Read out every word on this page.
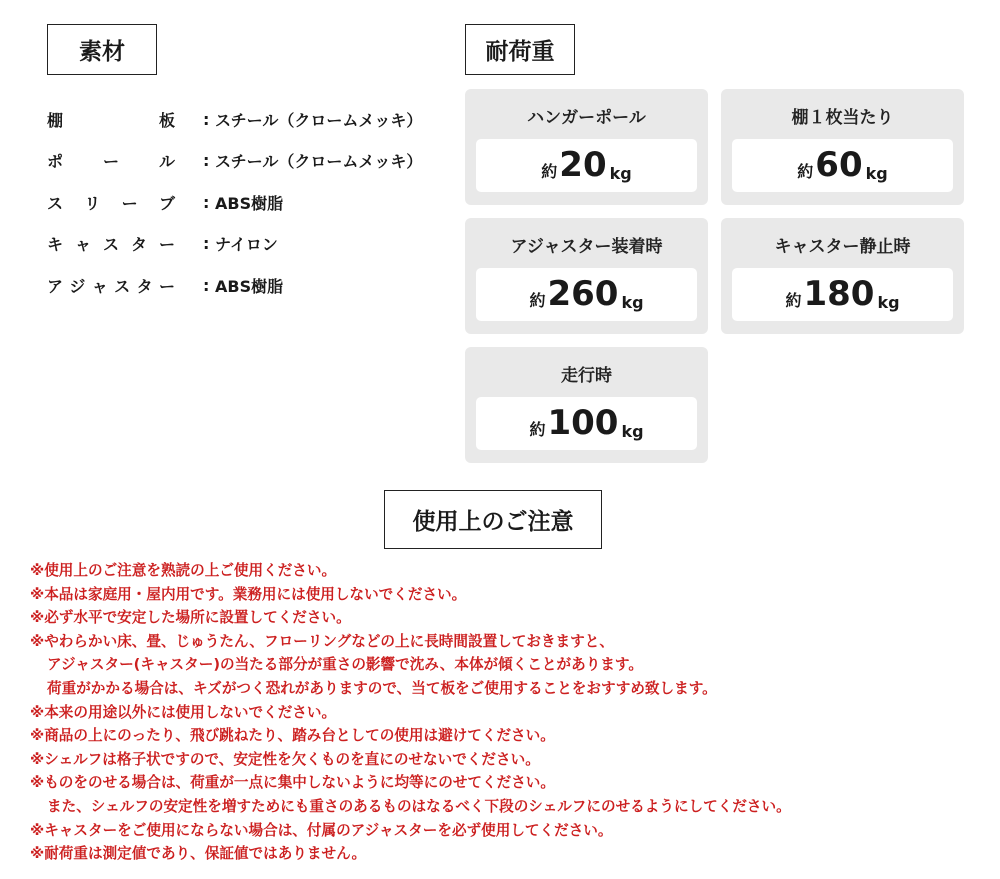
素材
棚	板 : スチール（クロームメッキ）
ポ ー ル : スチール（クロームメッキ）
ス リ ー ブ : ABS樹脂
キ ャ ス タ ー : ナイロン
ア ジ ャ ス タ ー : ABS樹脂
耐荷重
ハンガーポール
約 20 kg
棚１枚当たり
約 60 kg
アジャスター装着時
約 260 kg
キャスター静止時
約 180 kg
走行時
約 100 kg
使用上のご注意
※使用上のご注意を熟読の上ご使用ください。
※本品は家庭用・屋内用です。業務用には使用しないでください。
※必ず水平で安定した場所に設置してください。
※やわらかい床、畳、じゅうたん、フローリングなどの上に長時間設置しておきますと、
アジャスター(キャスター)の当たる部分が重さの影響で沈み、本体が傾くことがあります。
荷重がかかる場合は、キズがつく恐れがありますので、当て板をご使用することをおすすめ致します。
※本来の用途以外には使用しないでください。
※商品の上にのったり、飛び跳ねたり、踏み台としての使用は避けてください。
※シェルフは格子状ですので、安定性を欠くものを直にのせないでください。
※ものをのせる場合は、荷重が一点に集中しないように均等にのせてください。
また、シェルフの安定性を増すためにも重さのあるものはなるべく下段のシェルフにのせるようにしてください。
※キャスターをご使用にならない場合は、付属のアジャスターを必ず使用してください。
※耐荷重は測定値であり、保証値ではありません。
